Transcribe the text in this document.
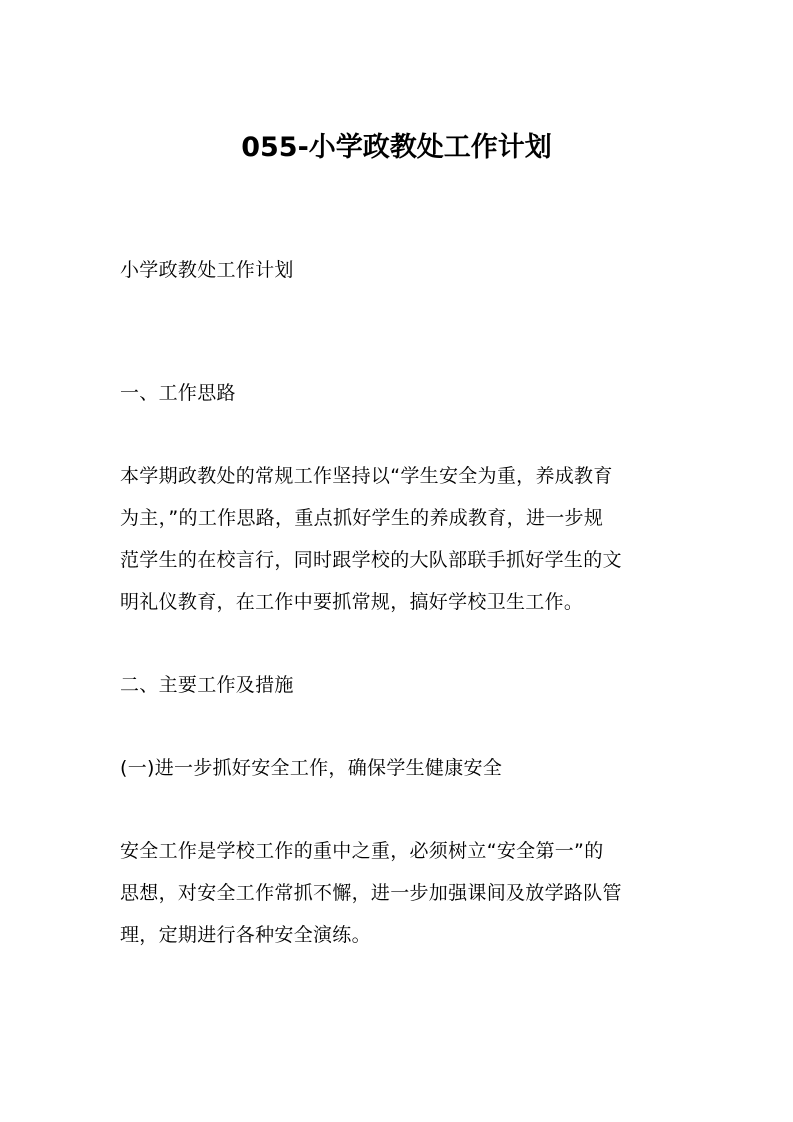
055-小学政教处工作计划
小学政教处工作计划
一、工作思路
本学期政教处的常规工作坚持以“学生安全为重，养成教育
为主，”的工作思路，重点抓好学生的养成教育，进一步规
范学生的在校言行，同时跟学校的大队部联手抓好学生的文
明礼仪教育，在工作中要抓常规，搞好学校卫生工作。
二、主要工作及措施
(一)进一步抓好安全工作，确保学生健康安全
安全工作是学校工作的重中之重，必须树立“安全第一”的
思想，对安全工作常抓不懈，进一步加强课间及放学路队管
理，定期进行各种安全演练。
